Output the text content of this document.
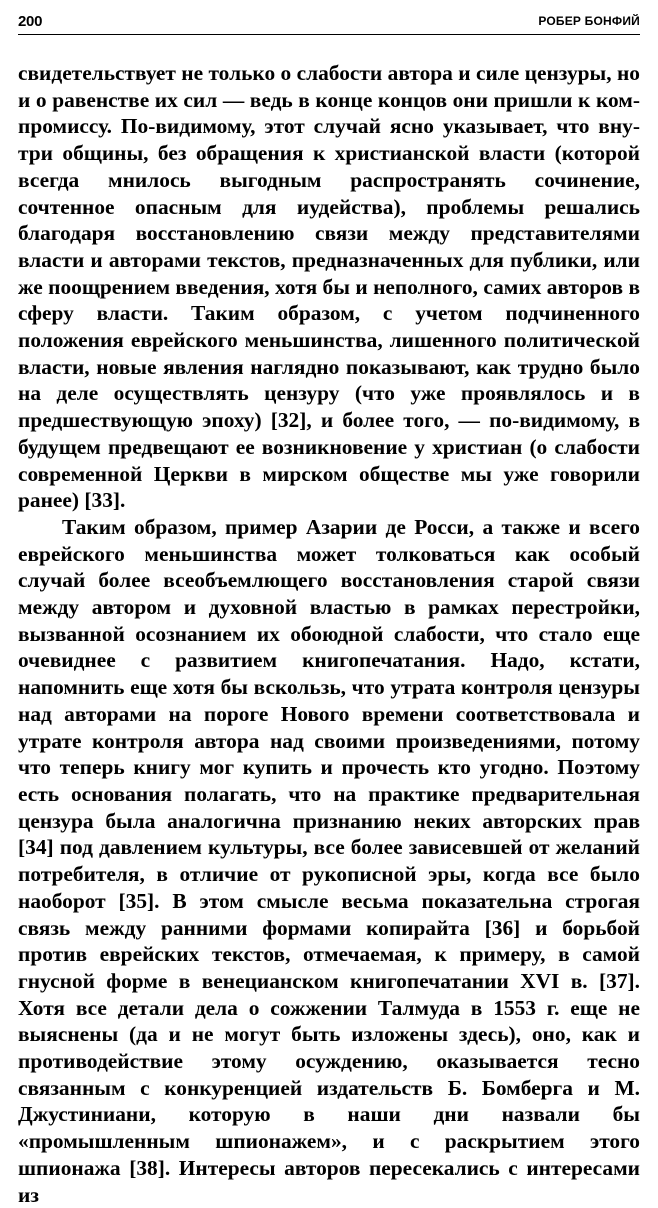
200	РОБЕР БОНФИЙ

свидетельствует не только о слабости автора и силе цензуры, но и о равенстве их сил — ведь в конце концов они пришли к компромиссу. По-видимому, этот случай ясно указывает, что внутри общины, без обращения к христианской власти (которой всегда мнилось выгодным распространять сочинение, сочтенное опасным для иудейства), проблемы решались благодаря восстановлению связи между представителями власти и авторами текстов, предназначенных для публики, или же поощрением введения, хотя бы и неполного, самих авторов в сферу власти. Таким образом, с учетом подчиненного положения еврейского меньшинства, лишенного политической власти, новые явления наглядно показывают, как трудно было на деле осуществлять цензуру (что уже проявлялось и в предшествующую эпоху) [32], и более того, — по-видимому, в будущем предвещают ее возникновение у христиан (о слабости современной Церкви в мирском обществе мы уже говорили ранее) [33].

Таким образом, пример Азарии де Росси, а также и всего еврейского меньшинства может толковаться как особый случай более всеобъемлющего восстановления старой связи между автором и духовной властью в рамках перестройки, вызванной осознанием их обоюдной слабости, что стало еще очевиднее с развитием книгопечатания. Надо, кстати, напомнить еще хотя бы вскользь, что утрата контроля цензуры над авторами на пороге Нового времени соответствовала и утрате контроля автора над своими произведениями, потому что теперь книгу мог купить и прочесть кто угодно. Поэтому есть основания полагать, что на практике предварительная цензура была аналогична признанию неких авторских прав [34] под давлением культуры, все более зависевшей от желаний потребителя, в отличие от рукописной эры, когда все было наоборот [35]. В этом смысле весьма показательна строгая связь между ранними формами копирайта [36] и борьбой против еврейских текстов, отмечаемая, к примеру, в самой гнусной форме в венецианском книгопечатании XVI в. [37]. Хотя все детали дела о сожжении Талмуда в 1553 г. еще не выяснены (да и не могут быть изложены здесь), оно, как и противодействие этому осуждению, оказывается тесно связанным с конкуренцией издательств Б. Бомберга и М. Джустиниани, которую в наши дни назвали бы «промышленным шпионажем», и с раскрытием этого шпионажа [38]. Интересы авторов пересекались с интересами из
